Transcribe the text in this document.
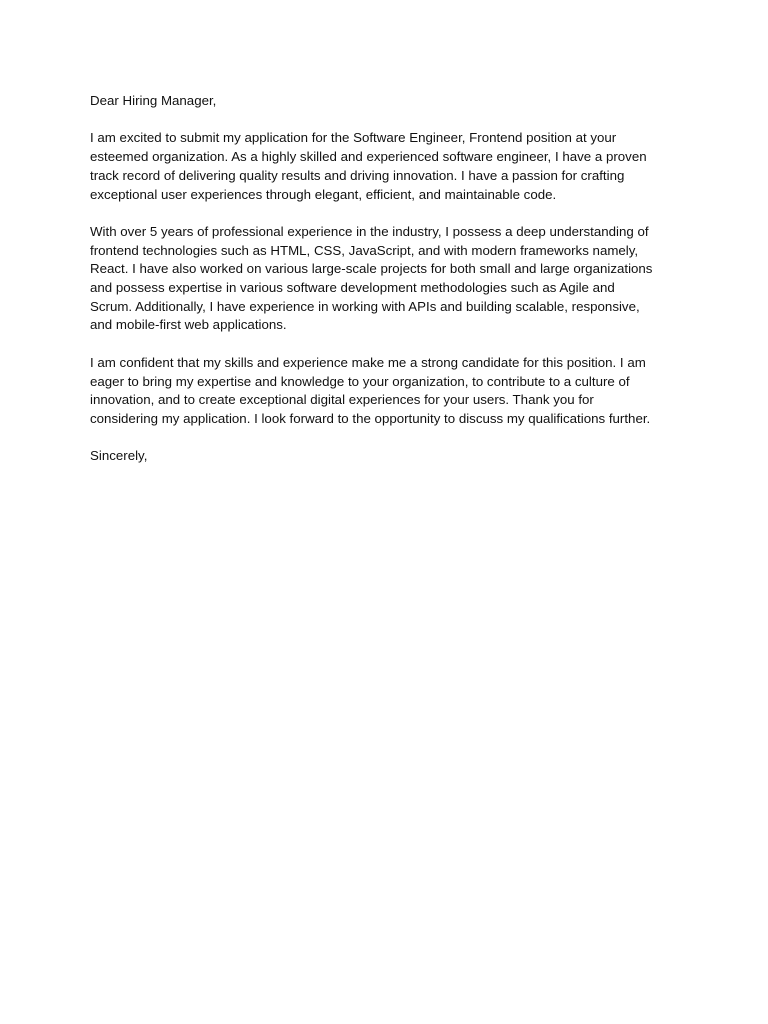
Dear Hiring Manager,

I am excited to submit my application for the Software Engineer, Frontend position at your
esteemed organization. As a highly skilled and experienced software engineer, I have a proven
track record of delivering quality results and driving innovation. I have a passion for crafting
exceptional user experiences through elegant, efficient, and maintainable code.

With over 5 years of professional experience in the industry, I possess a deep understanding of
frontend technologies such as HTML, CSS, JavaScript, and with modern frameworks namely,
React. I have also worked on various large-scale projects for both small and large organizations
and possess expertise in various software development methodologies such as Agile and
Scrum. Additionally, I have experience in working with APIs and building scalable, responsive,
and mobile-first web applications.

I am confident that my skills and experience make me a strong candidate for this position. I am
eager to bring my expertise and knowledge to your organization, to contribute to a culture of
innovation, and to create exceptional digital experiences for your users. Thank you for
considering my application. I look forward to the opportunity to discuss my qualifications further.

Sincerely,
